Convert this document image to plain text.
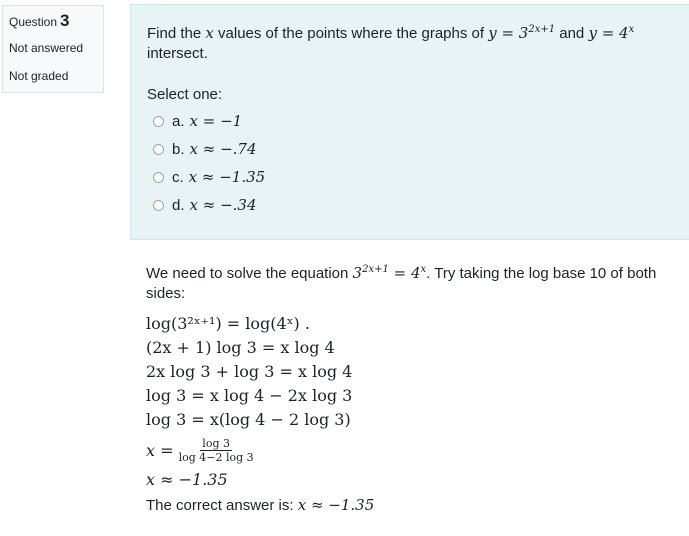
Question 3
Not answered
Not graded
Find the x values of the points where the graphs of $y = 3^{2x+1}$ and $y = 4^x$
intersect.
Select one:
a. x = −1
b. x ≈ −.74
c. x ≈ −1.35
d. x ≈ −.34
We need to solve the equation $3^{2x+1} = 4^x$. Try taking the log base 10 of both sides:
log(3²ˣ⁺¹) = log(4ˣ) .
(2x + 1) log 3 = x log 4
2x log 3 + log 3 = x log 4
log 3 = x log 4 − 2x log 3
log 3 = x(log 4 − 2 log 3)
x =
$\frac{\log 3}{\log 4-2 \log 3}$
x ≈ −1.35
The correct answer is: x ≈ −1.35
